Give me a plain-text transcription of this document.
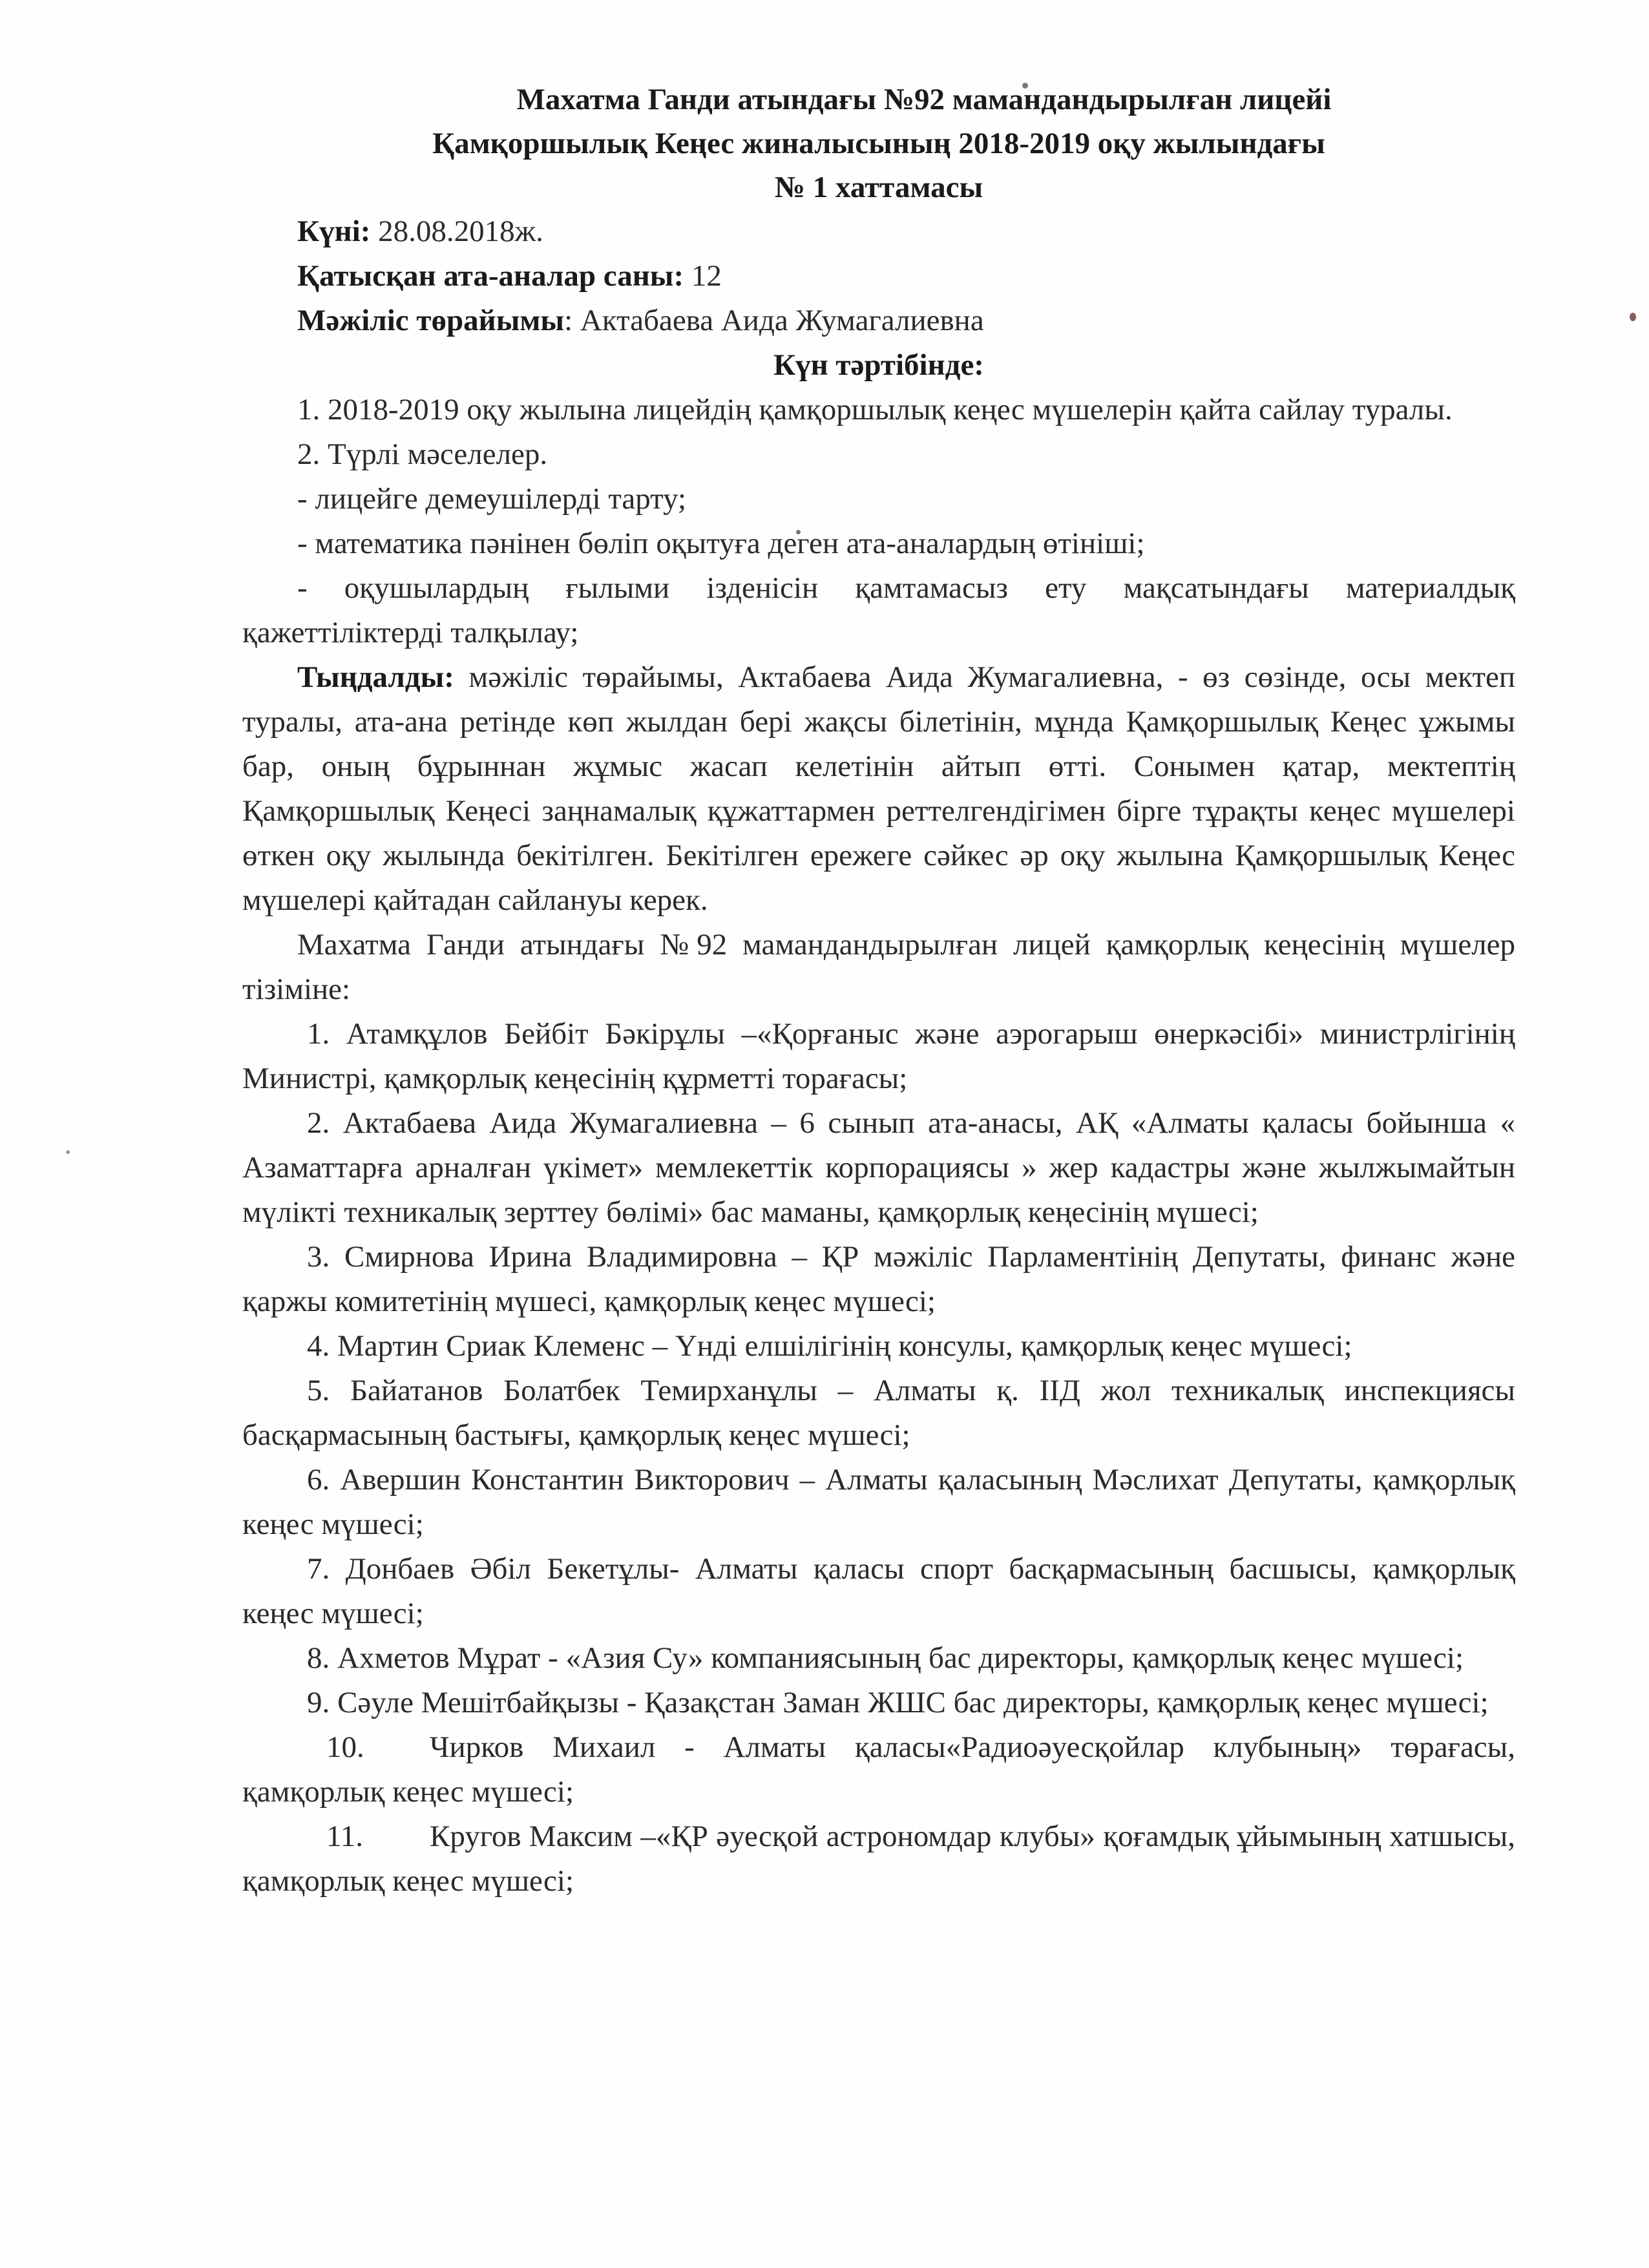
Махатма Ганди атындағы №92 мамандандырылған лицейі
Қамқоршылық Кеңес жиналысының 2018-2019 оқу жылындағы
№ 1 хаттамасы
Күні: 28.08.2018ж.
Қатысқан ата-аналар саны: 12
Мәжіліс төрайымы: Актабаева Аида Жумагалиевна
Күн тәртібінде:

1. 2018-2019 оқу жылына лицейдің қамқоршылық кеңес мүшелерін қайта сайлау туралы.

2. Түрлі мәселелер.

- лицейге демеушілерді тарту;

- математика пәнінен бөліп оқытуға деген ата-аналардың өтініші;

- оқушылардың ғылыми ізденісін қамтамасыз ету мақсатындағы материалдық қажеттіліктерді талқылау;

Тыңдалды: мәжіліс төрайымы, Актабаева Аида Жумагалиевна, - өз сөзінде, осы мектеп туралы, ата-ана ретінде көп жылдан бері жақсы білетінін, мұнда Қамқоршылық Кеңес ұжымы бар, оның бұрыннан жұмыс жасап келетінін айтып өтті. Сонымен қатар, мектептің Қамқоршылық Кеңесі заңнамалық құжаттармен реттелгендігімен бірге тұрақты кеңес мүшелері өткен оқу жылында бекітілген. Бекітілген ережеге сәйкес әр оқу жылына Қамқоршылық Кеңес мүшелері қайтадан сайлануы керек.

Махатма Ганди атындағы №92 мамандандырылған лицей қамқорлық кеңесінің мүшелер тізіміне:

1. Атамқұлов Бейбіт Бәкірұлы –«Қорғаныс және аэрогарыш өнеркәсібі» министрлігінің Министрі, қамқорлық кеңесінің құрметті торағасы;

2. Актабаева Аида Жумагалиевна – 6 сынып ата-анасы, АҚ «Алматы қаласы бойынша « Азаматтарға арналған үкімет» мемлекеттік корпорациясы » жер кадастры және жылжымайтын мүлікті техникалық зерттеу бөлімі» бас маманы, қамқорлық кеңесінің мүшесі;

3. Смирнова Ирина Владимировна – ҚР мәжіліс Парламентінің Депутаты, финанс және қаржы комитетінің мүшесі, қамқорлық кеңес мүшесі;

4. Мартин Сриак Клеменс – Үнді елшілігінің консулы, қамқорлық кеңес мүшесі;

5. Байатанов Болатбек Темирханұлы – Алматы қ. ІІД жол техникалық инспекциясы басқармасының бастығы, қамқорлық кеңес мүшесі;

6. Авершин Константин Викторович – Алматы қаласының Мәслихат Депутаты, қамқорлық кеңес мүшесі;

7. Донбаев Әбіл Бекетұлы- Алматы қаласы спорт басқармасының басшысы, қамқорлық кеңес мүшесі;

8. Ахметов Мұрат - «Азия Су» компаниясының бас директоры, қамқорлық кеңес мүшесі;

9. Сәуле Мешітбайқызы - Қазақстан Заман ЖШС бас директоры, қамқорлық кеңес мүшесі;

10. Чирков Михаил - Алматы қаласы«Радиоәуесқойлар клубының» төрағасы, қамқорлық кеңес мүшесі;

11. Кругов Максим –«ҚР әуесқой астрономдар клубы» қоғамдық ұйымының хатшысы, қамқорлық кеңес мүшесі;
